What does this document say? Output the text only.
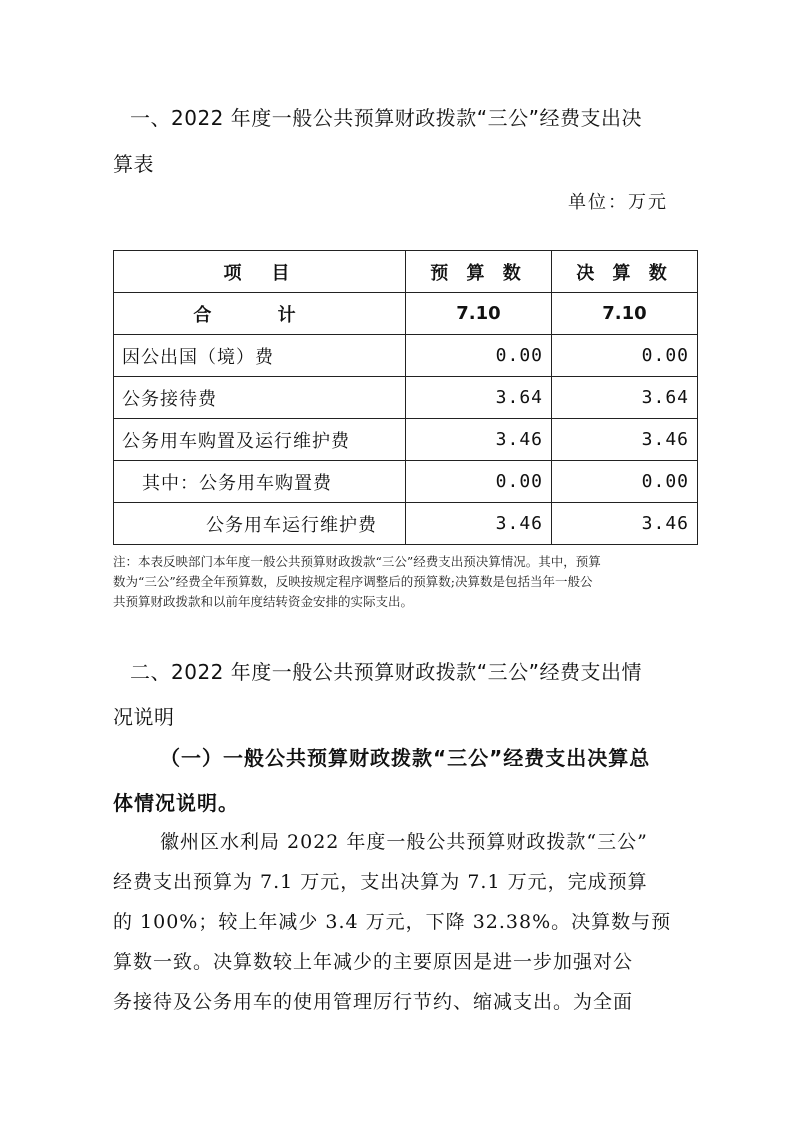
一、2022 年度一般公共预算财政拨款“三公”经费支出决
算表
单位：万元
项　目	预 算 数	决 算 数
合 计	7.10	7.10
因公出国（境）费	0.00	0.00
公务接待费	3.64	3.64
公务用车购置及运行维护费	3.46	3.46
其中：公务用车购置费	0.00	0.00
公务用车运行维护费	3.46	3.46
注：本表反映部门本年度一般公共预算财政拨款“三公”经费支出预决算情况。其中，预算
数为“三公”经费全年预算数，反映按规定程序调整后的预算数;决算数是包括当年一般公
共预算财政拨款和以前年度结转资金安排的实际支出。
二、2022 年度一般公共预算财政拨款“三公”经费支出情
况说明
（一）一般公共预算财政拨款“三公”经费支出决算总
体情况说明。
徽州区水利局 2022 年度一般公共预算财政拨款“三公”
经费支出预算为 7.1 万元，支出决算为 7.1 万元，完成预算
的 100%；较上年减少 3.4 万元，下降 32.38%。决算数与预
算数一致。决算数较上年减少的主要原因是进一步加强对公
务接待及公务用车的使用管理厉行节约、缩减支出。为全面
